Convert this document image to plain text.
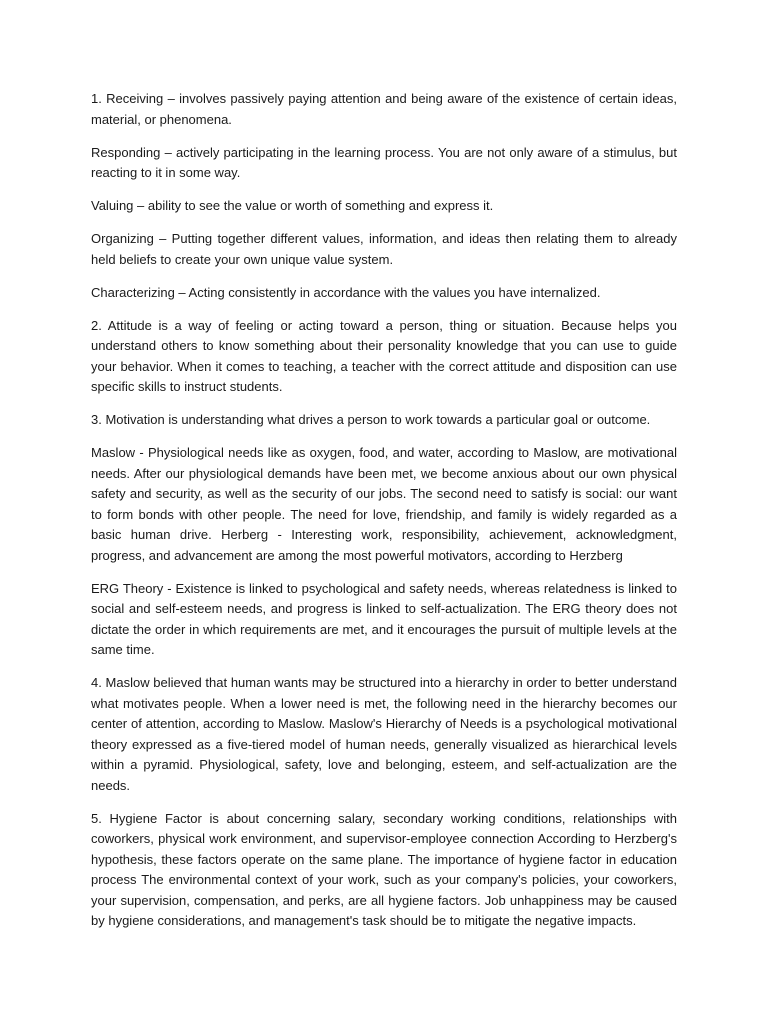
1. Receiving – involves passively paying attention and being aware of the existence of certain ideas, material, or phenomena.

Responding – actively participating in the learning process. You are not only aware of a stimulus, but reacting to it in some way.

Valuing – ability to see the value or worth of something and express it.

Organizing – Putting together different values, information, and ideas then relating them to already held beliefs to create your own unique value system.

Characterizing – Acting consistently in accordance with the values you have internalized.

2. Attitude is a way of feeling or acting toward a person, thing or situation. Because helps you understand others to know something about their personality knowledge that you can use to guide your behavior. When it comes to teaching, a teacher with the correct attitude and disposition can use specific skills to instruct students.

3. Motivation is understanding what drives a person to work towards a particular goal or outcome.

Maslow - Physiological needs like as oxygen, food, and water, according to Maslow, are motivational needs. After our physiological demands have been met, we become anxious about our own physical safety and security, as well as the security of our jobs. The second need to satisfy is social: our want to form bonds with other people. The need for love, friendship, and family is widely regarded as a basic human drive. Herberg - Interesting work, responsibility, achievement, acknowledgment, progress, and advancement are among the most powerful motivators, according to Herzberg

ERG Theory - Existence is linked to psychological and safety needs, whereas relatedness is linked to social and self-esteem needs, and progress is linked to self-actualization. The ERG theory does not dictate the order in which requirements are met, and it encourages the pursuit of multiple levels at the same time.

4. Maslow believed that human wants may be structured into a hierarchy in order to better understand what motivates people. When a lower need is met, the following need in the hierarchy becomes our center of attention, according to Maslow. Maslow's Hierarchy of Needs is a psychological motivational theory expressed as a five-tiered model of human needs, generally visualized as hierarchical levels within a pyramid. Physiological, safety, love and belonging, esteem, and self-actualization are the needs.

5. Hygiene Factor is about concerning salary, secondary working conditions, relationships with coworkers, physical work environment, and supervisor-employee connection According to Herzberg's hypothesis, these factors operate on the same plane. The importance of hygiene factor in education process The environmental context of your work, such as your company's policies, your coworkers, your supervision, compensation, and perks, are all hygiene factors. Job unhappiness may be caused by hygiene considerations, and management's task should be to mitigate the negative impacts.
